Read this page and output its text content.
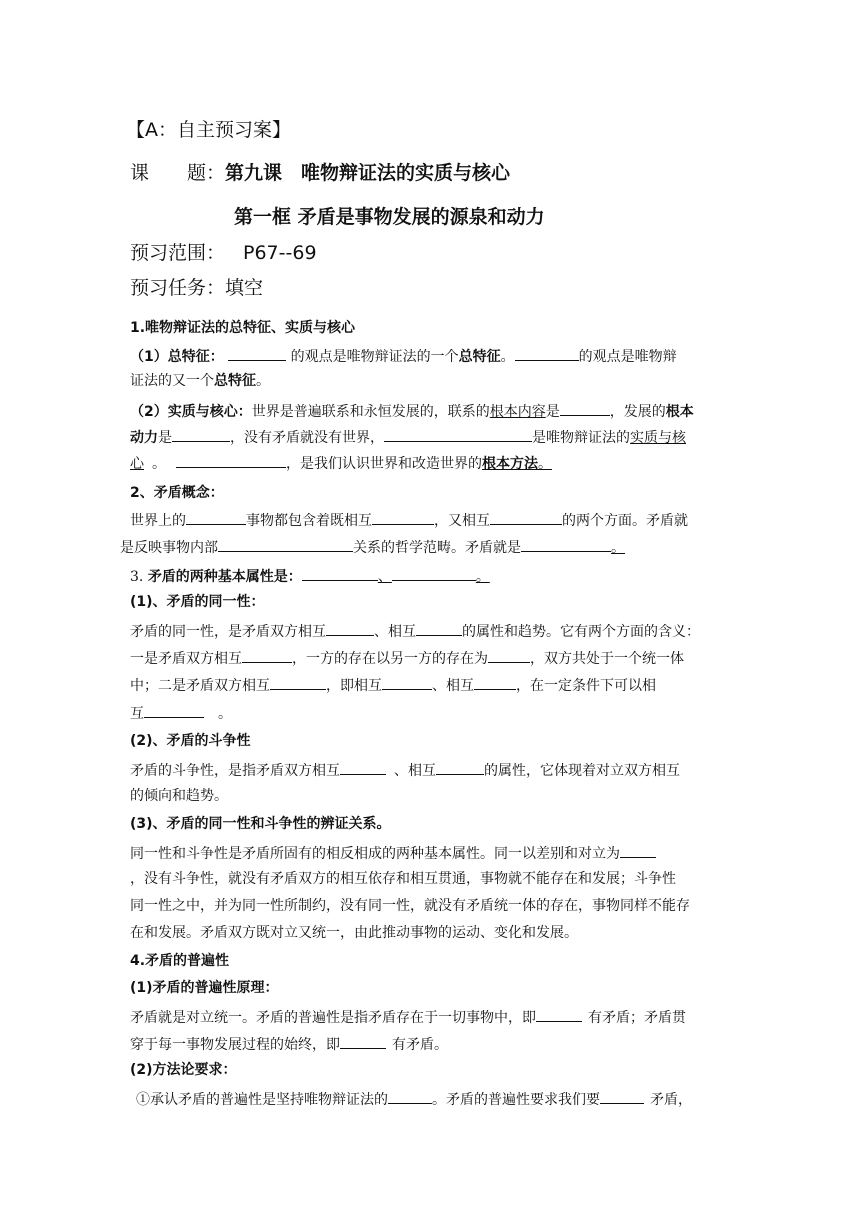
【A：自主预习案】
课　　题：第九课　唯物辩证法的实质与核心
第一框 矛盾是事物发展的源泉和动力
预习范围： P67--69
预习任务：填空
1.唯物辩证法的总特征、实质与核心
（1）总特征：	的观点是唯物辩证法的一个总特征。	的观点是唯物辩
证法的又一个总特征。
（2）实质与核心：世界是普遍联系和永恒发展的，联系的根本内容是	，发展的根本
动力是	，没有矛盾就没有世界，	是唯物辩证法的实质与核
心 。	，是我们认识世界和改造世界的根本方法。
2、矛盾概念：
世界上的	事物都包含着既相互	，又相互	的两个方面。矛盾就
是反映事物内部	关系的哲学范畴。矛盾就是	。
3. 矛盾的两种基本属性是：	、	。
(1)、矛盾的同一性：
矛盾的同一性，是矛盾双方相互	、相互	的属性和趋势。它有两个方面的含义：
一是矛盾双方相互	，一方的存在以另一方的存在为	，双方共处于一个统一体
中；二是矛盾双方相互	，即相互	、相互	，在一定条件下可以相
互	。
(2)、矛盾的斗争性
矛盾的斗争性，是指矛盾双方相互	、相互	的属性，它体现着对立双方相互
的倾向和趋势。
(3)、矛盾的同一性和斗争性的辨证关系。
同一性和斗争性是矛盾所固有的相反相成的两种基本属性。同一以差别和对立为
，没有斗争性，就没有矛盾双方的相互依存和相互贯通，事物就不能存在和发展；斗争性
同一性之中，并为同一性所制约，没有同一性，就没有矛盾统一体的存在，事物同样不能存
在和发展。矛盾双方既对立又统一，由此推动事物的运动、变化和发展。
4.矛盾的普遍性
(1)矛盾的普遍性原理：
矛盾就是对立统一。矛盾的普遍性是指矛盾存在于一切事物中，即	有矛盾；矛盾贯
穿于每一事物发展过程的始终，即	有矛盾。
(2)方法论要求：
①承认矛盾的普遍性是坚持唯物辩证法的	。矛盾的普遍性要求我们要	矛盾，
